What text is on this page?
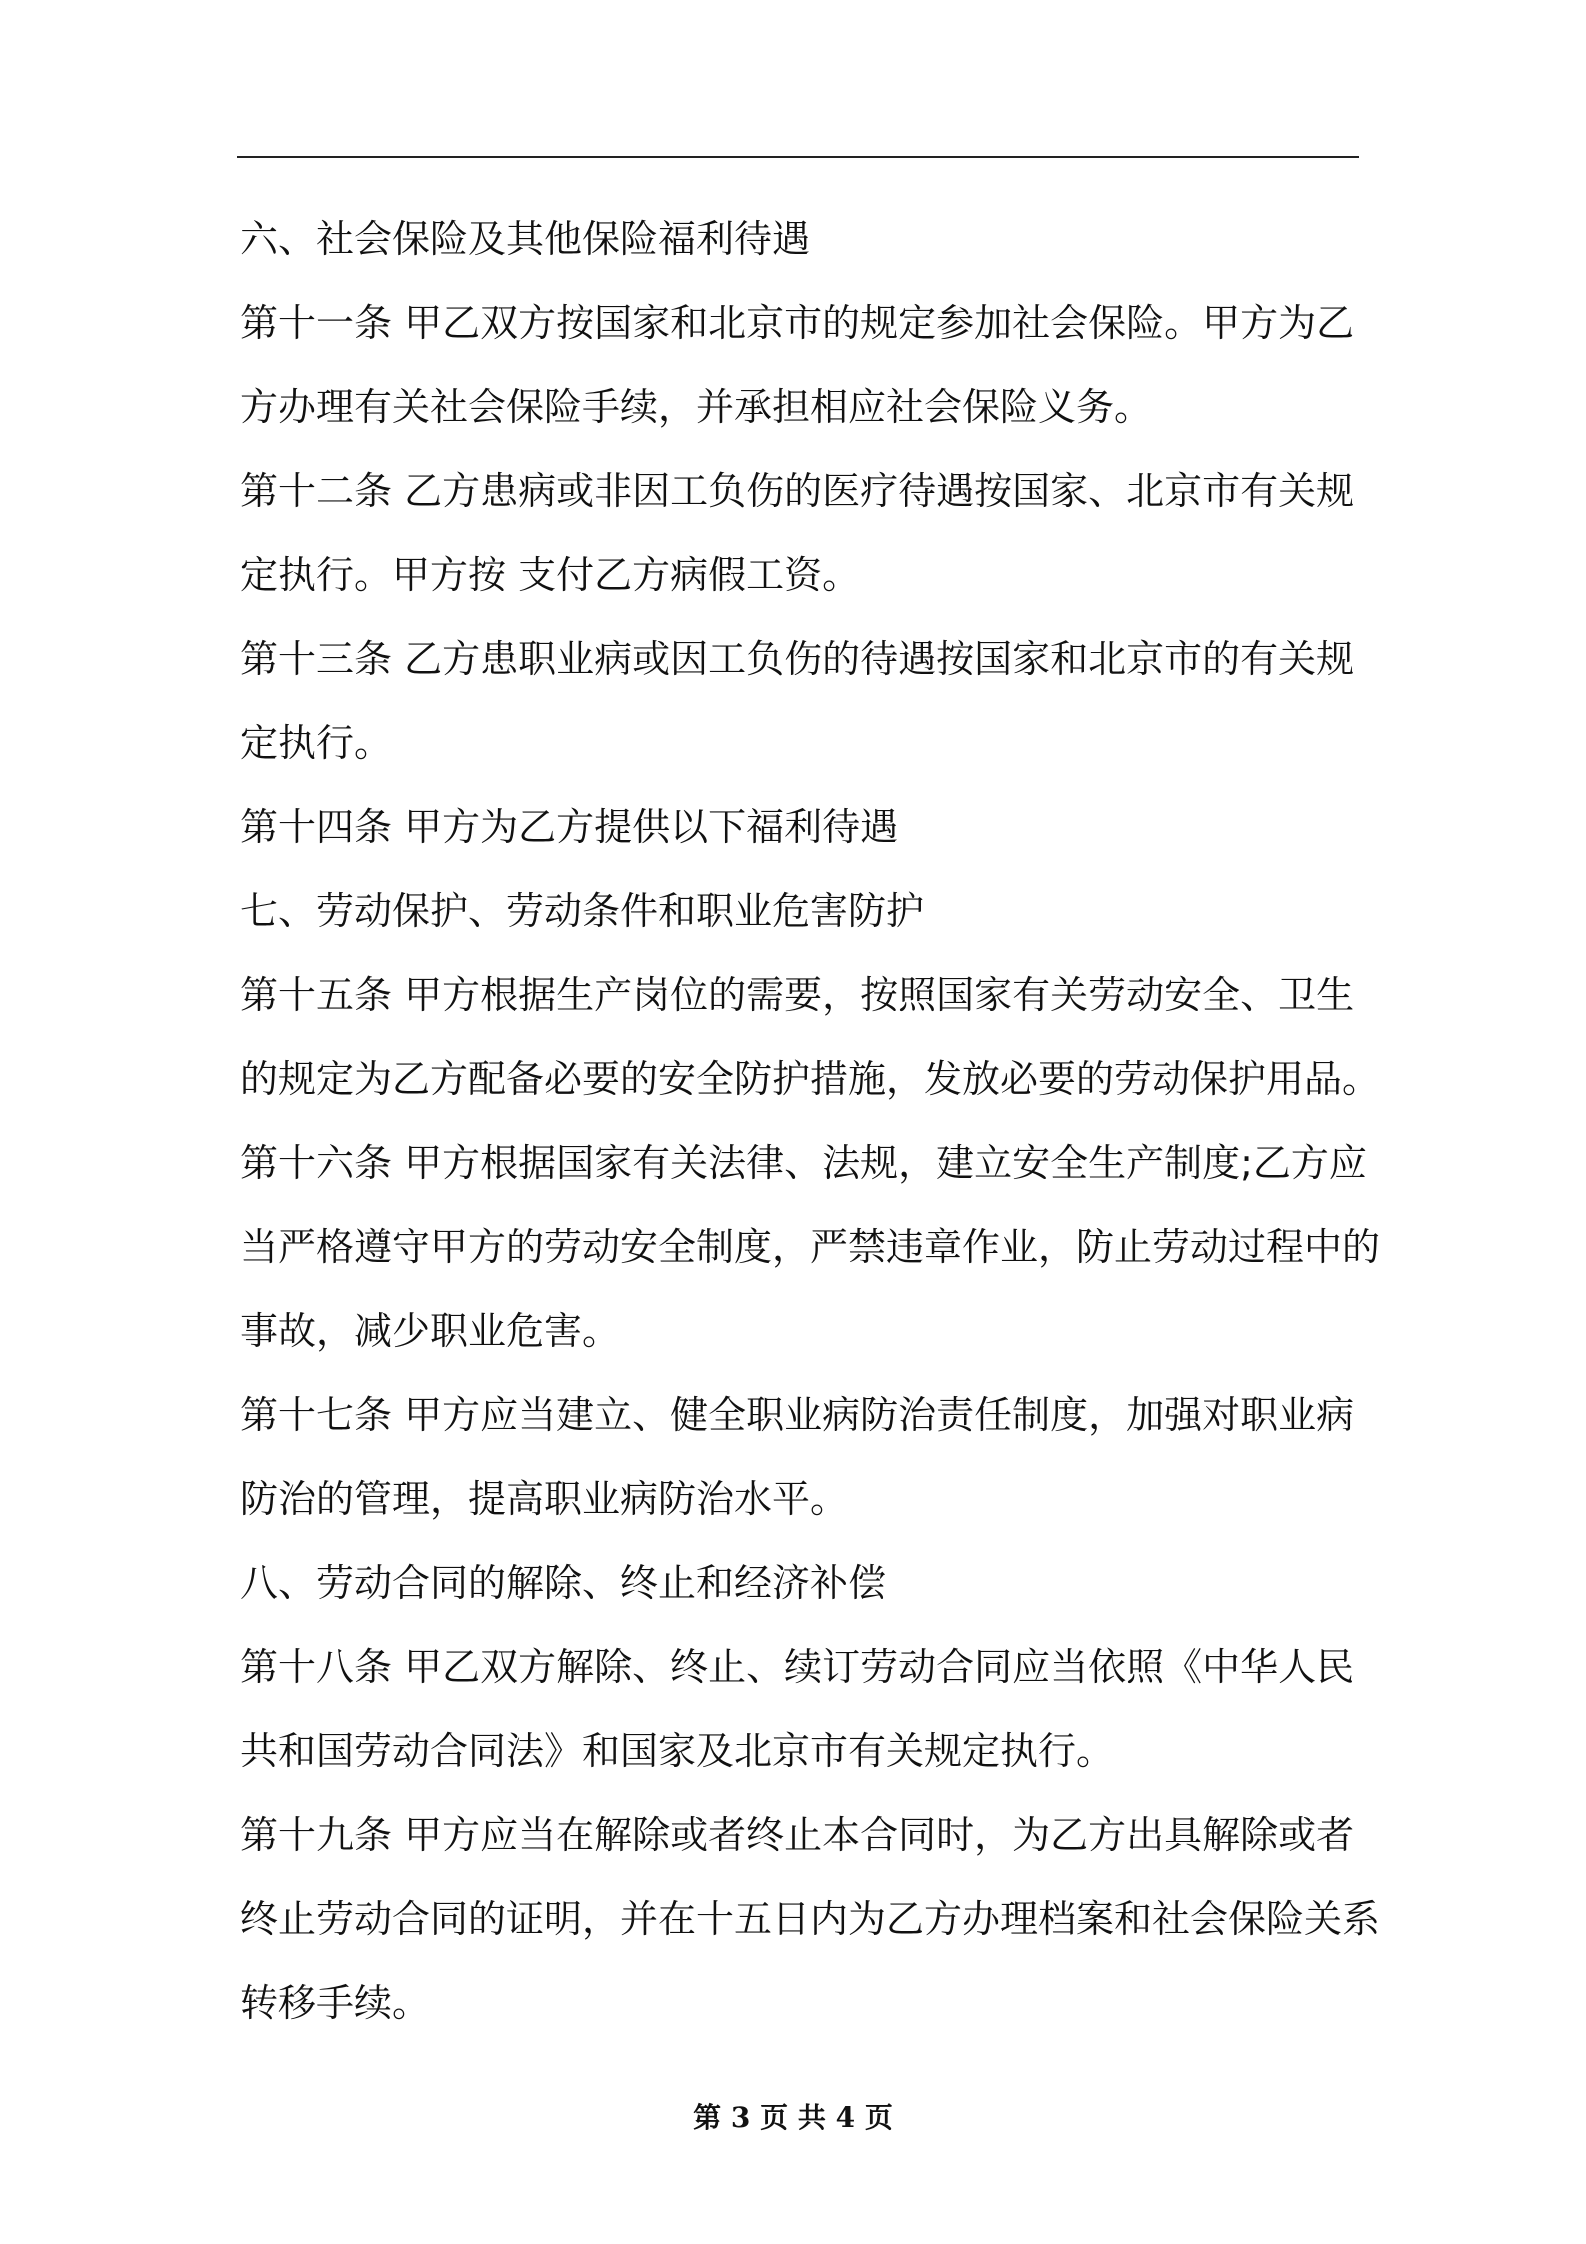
六、社会保险及其他保险福利待遇
第十一条 甲乙双方按国家和北京市的规定参加社会保险。甲方为乙
方办理有关社会保险手续，并承担相应社会保险义务。
第十二条 乙方患病或非因工负伤的医疗待遇按国家、北京市有关规
定执行。甲方按 支付乙方病假工资。
第十三条 乙方患职业病或因工负伤的待遇按国家和北京市的有关规
定执行。
第十四条 甲方为乙方提供以下福利待遇
七、劳动保护、劳动条件和职业危害防护
第十五条 甲方根据生产岗位的需要，按照国家有关劳动安全、卫生
的规定为乙方配备必要的安全防护措施，发放必要的劳动保护用品。
第十六条 甲方根据国家有关法律、法规，建立安全生产制度;乙方应
当严格遵守甲方的劳动安全制度，严禁违章作业，防止劳动过程中的
事故，减少职业危害。
第十七条 甲方应当建立、健全职业病防治责任制度，加强对职业病
防治的管理，提高职业病防治水平。
八、劳动合同的解除、终止和经济补偿
第十八条 甲乙双方解除、终止、续订劳动合同应当依照《中华人民
共和国劳动合同法》和国家及北京市有关规定执行。
第十九条 甲方应当在解除或者终止本合同时，为乙方出具解除或者
终止劳动合同的证明，并在十五日内为乙方办理档案和社会保险关系
转移手续。
第 3 页 共 4 页
